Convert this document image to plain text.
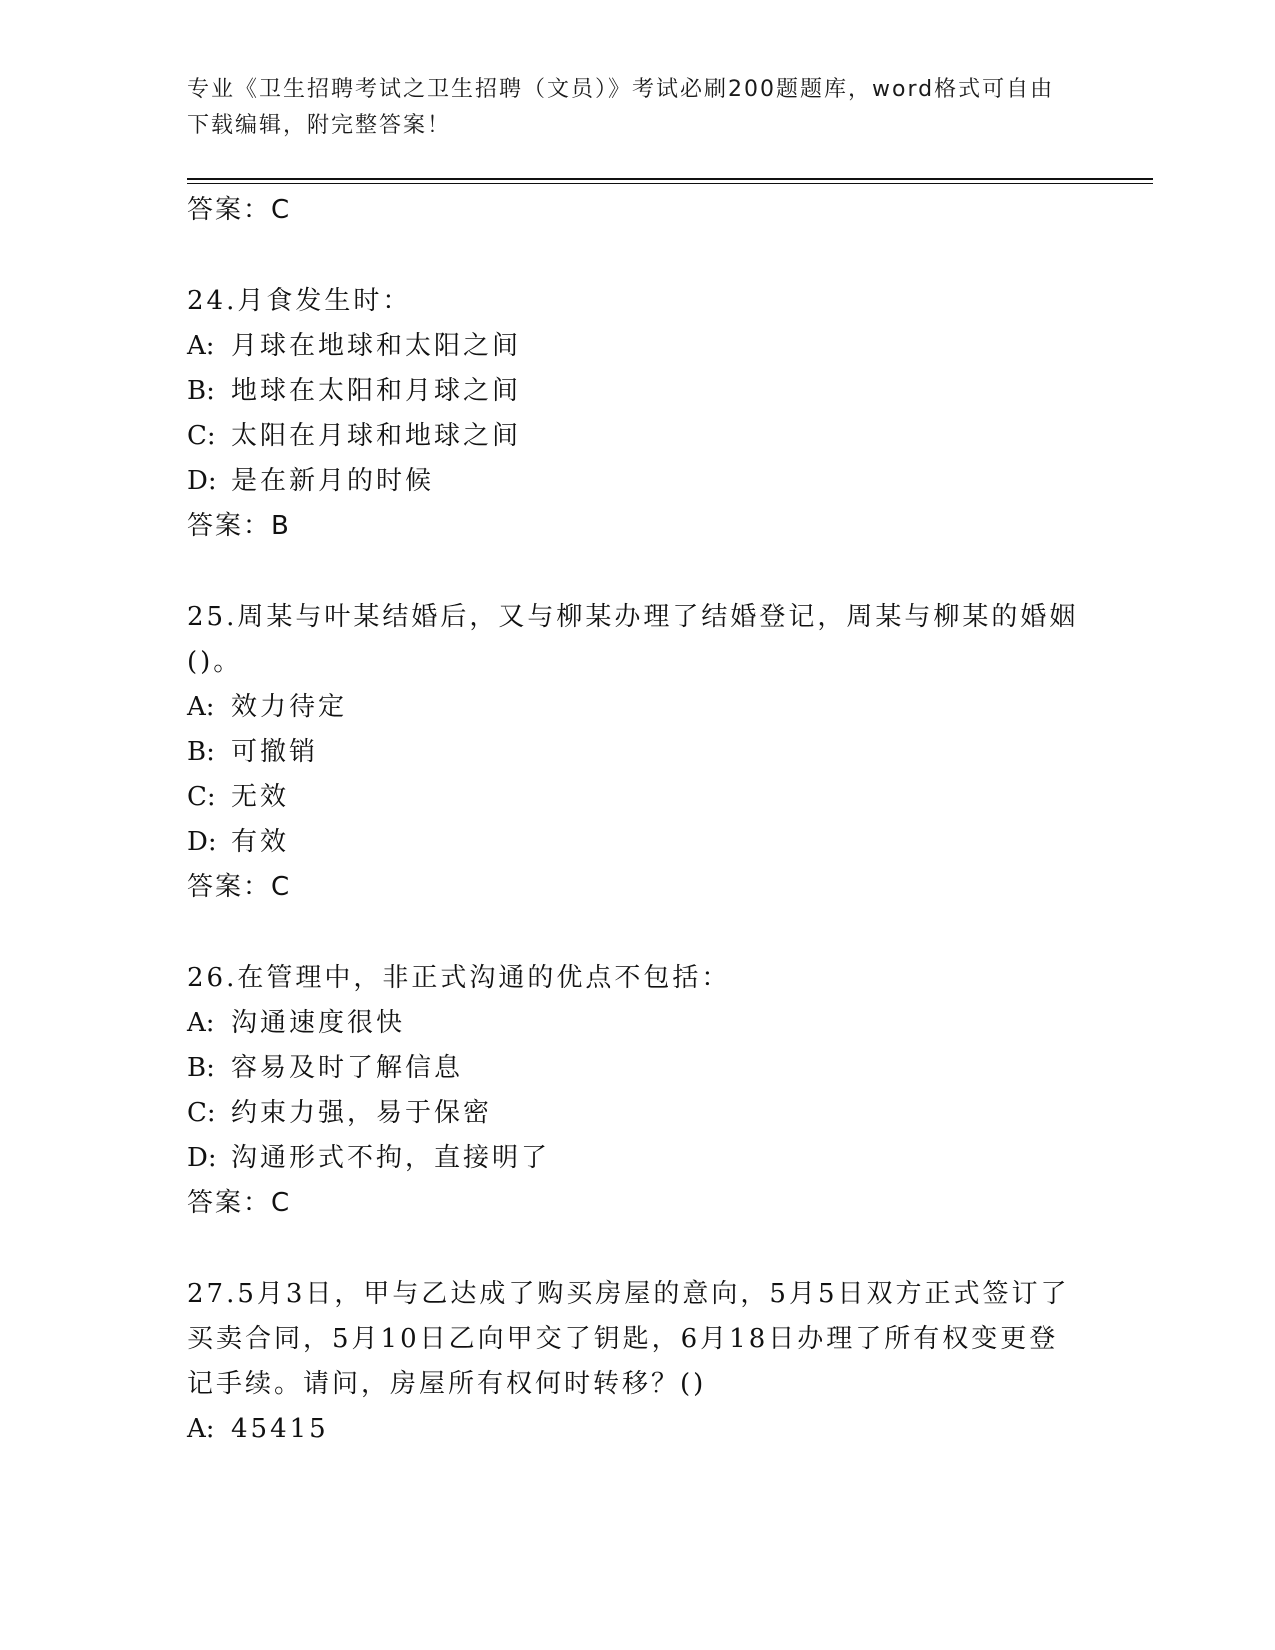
专业《卫生招聘考试之卫生招聘（文员）》考试必刷200题题库，word格式可自由下载编辑，附完整答案！
答案：C
24.月食发生时：
A: 月球在地球和太阳之间
B: 地球在太阳和月球之间
C: 太阳在月球和地球之间
D: 是在新月的时候
答案：B
25.周某与叶某结婚后，又与柳某办理了结婚登记，周某与柳某的婚姻()。
A: 效力待定
B: 可撤销
C: 无效
D: 有效
答案：C
26.在管理中，非正式沟通的优点不包括：
A: 沟通速度很快
B: 容易及时了解信息
C: 约束力强，易于保密
D: 沟通形式不拘，直接明了
答案：C
27.5月3日，甲与乙达成了购买房屋的意向，5月5日双方正式签订了买卖合同，5月10日乙向甲交了钥匙，6月18日办理了所有权变更登记手续。请问，房屋所有权何时转移？()
A: 45415
